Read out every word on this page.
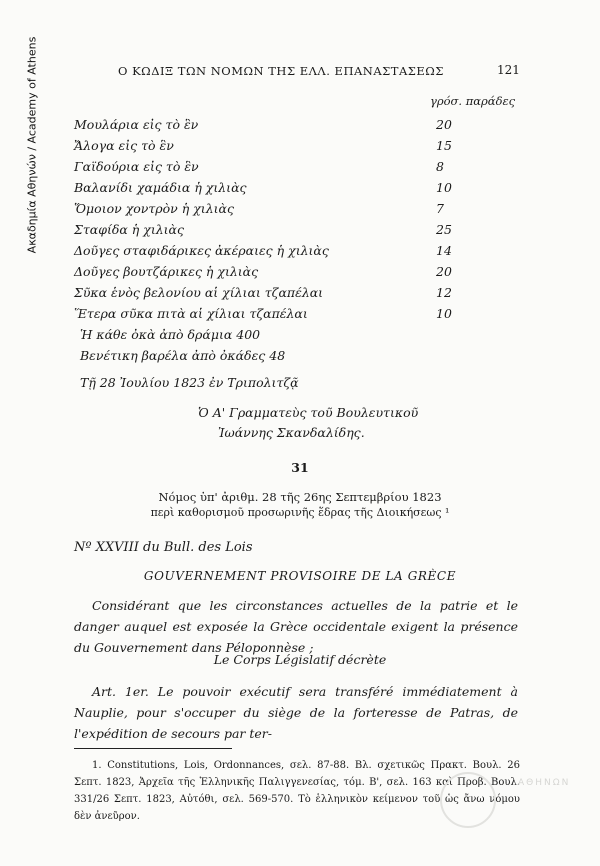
Ακαδημία Αθηνών / Academy of Athens	Ο ΚΩΔΙΞ ΤΩΝ ΝΟΜΩΝ ΤΗΣ ΕΛΛ. ΕΠΑΝΑΣΤΑΣΕΩΣ	121
γρόσ. παράδες
Μουλάρια εἰς τὸ ἓν	20
Ἄλογα εἰς τὸ ἓν	15
Γαϊδούρια εἰς τὸ ἓν	8
Βαλανίδι χαμάδια ἡ χιλιὰς	10
Ὅμοιον χοντρὸν ἡ χιλιὰς	7
Σταφίδα ἡ χιλιὰς	25
Δοῦγες σταφιδάρικες ἀκέραιες ἡ χιλιὰς	14
Δοῦγες βουτζάρικες ἡ χιλιὰς	20
Σῦκα ἑνὸς βελονίου αἱ χίλιαι τζαπέλαι	12
Ἕτερα σῦκα πιτὰ αἱ χίλιαι τζαπέλαι	10
Ἡ κάθε ὀκὰ ἀπὸ δράμια 400
Βενέτικη βαρέλα ἀπὸ ὀκάδες 48
Τῇ 28 Ἰουλίου 1823 ἐν Τριπολιτζᾷ
Ὁ Α' Γραμματεὺς τοῦ Βουλευτικοῦ
Ἰωάννης Σκανδαλίδης.
31
Νόμος ὑπ' ἀριθμ. 28 τῆς 26ης Σεπτεμβρίου 1823
περὶ καθορισμοῦ προσωρινῆς ἕδρας τῆς Διοικήσεως ¹
Nº XXVIII du Bull. des Lois
GOUVERNEMENT PROVISOIRE DE LA GRÈCE

Considérant que les circonstances actuelles de la patrie et le danger auquel est exposée la Grèce occidentale exigent la présence du Gouvernement dans Péloponnèse ;

Le Corps Législatif décrète

Art. 1er. Le pouvoir exécutif sera transféré immédiatement à Nauplie, pour s'occuper du siège de la forteresse de Patras, de l'expédition de secours par ter-

1. Constitutions, Lois, Ordonnances, σελ. 87-88. Βλ. σχετικῶς Πρακτ. Βουλ. 26 Σεπτ. 1823, Ἀρχεῖα τῆς Ἑλληνικῆς Παλιγγενεσίας, τόμ. Β', σελ. 163 καὶ Προβ. Βουλ. 331/26 Σεπτ. 1823, Αὐτόθι, σελ. 569-570. Τὸ ἑλληνικὸν κείμενον τοῦ ὡς ἄνω νόμου δὲν ἀνεῦρον.

ΑΘΗΝΩΝ
